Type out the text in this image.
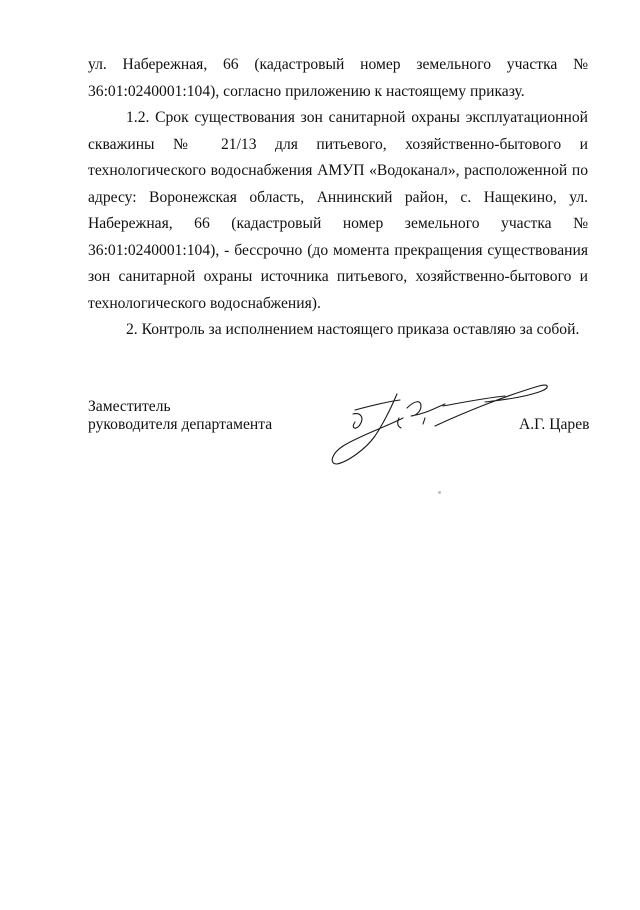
ул. Набережная, 66 (кадастровый номер земельного участка № 36:01:0240001:104), согласно приложению к настоящему приказу.

1.2. Срок существования зон санитарной охраны эксплуатационной скважины № 21/13 для питьевого, хозяйственно-бытового и технологического водоснабжения АМУП «Водоканал», расположенной по адресу: Воронежская область, Аннинский район, с. Нащекино, ул. Набережная, 66 (кадастровый номер земельного участка № 36:01:0240001:104), - бессрочно (до момента прекращения существования зон санитарной охраны источника питьевого, хозяйственно-бытового и технологического водоснабжения).

2. Контроль за исполнением настоящего приказа оставляю за собой.

Заместитель
руководителя департамента	А.Г. Царев
